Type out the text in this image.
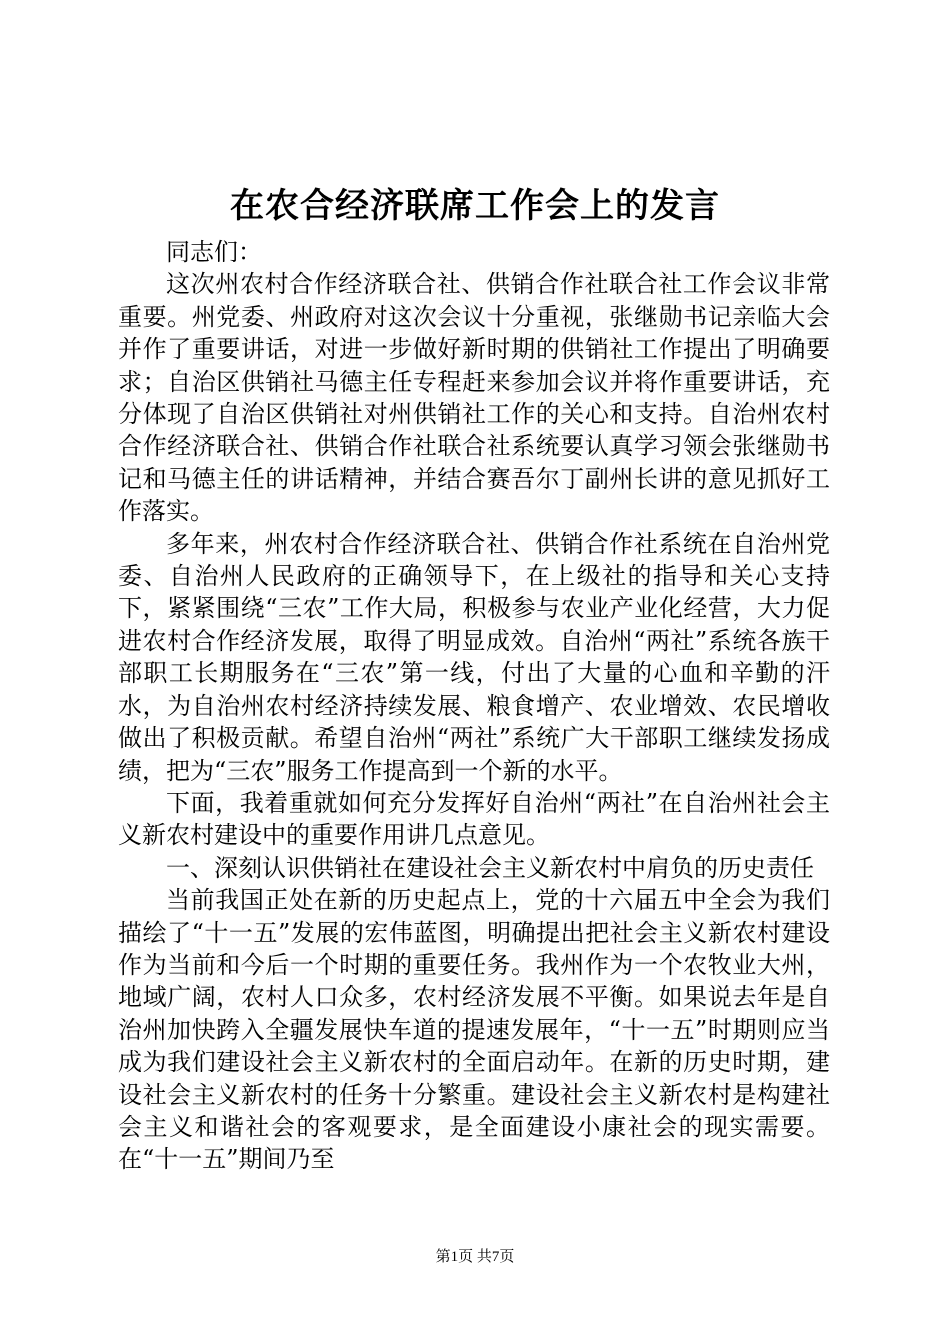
在农合经济联席工作会上的发言

同志们：

这次州农村合作经济联合社、供销合作社联合社工作会议非常重要。州党委、州政府对这次会议十分重视，张继勋书记亲临大会并作了重要讲话，对进一步做好新时期的供销社工作提出了明确要求；自治区供销社马德主任专程赶来参加会议并将作重要讲话，充分体现了自治区供销社对州供销社工作的关心和支持。自治州农村合作经济联合社、供销合作社联合社系统要认真学习领会张继勋书记和马德主任的讲话精神，并结合赛吾尔丁副州长讲的意见抓好工作落实。

多年来，州农村合作经济联合社、供销合作社系统在自治州党委、自治州人民政府的正确领导下，在上级社的指导和关心支持下，紧紧围绕“三农”工作大局，积极参与农业产业化经营，大力促进农村合作经济发展，取得了明显成效。自治州“两社”系统各族干部职工长期服务在“三农”第一线，付出了大量的心血和辛勤的汗水，为自治州农村经济持续发展、粮食增产、农业增效、农民增收做出了积极贡献。希望自治州“两社”系统广大干部职工继续发扬成绩，把为“三农”服务工作提高到一个新的水平。

下面，我着重就如何充分发挥好自治州“两社”在自治州社会主义新农村建设中的重要作用讲几点意见。

一、深刻认识供销社在建设社会主义新农村中肩负的历史责任

当前我国正处在新的历史起点上，党的十六届五中全会为我们描绘了“十一五”发展的宏伟蓝图，明确提出把社会主义新农村建设作为当前和今后一个时期的重要任务。我州作为一个农牧业大州，地域广阔，农村人口众多，农村经济发展不平衡。如果说去年是自治州加快跨入全疆发展快车道的提速发展年，“十一五”时期则应当成为我们建设社会主义新农村的全面启动年。在新的历史时期，建设社会主义新农村的任务十分繁重。建设社会主义新农村是构建社会主义和谐社会的客观要求，是全面建设小康社会的现实需要。在“十一五”期间乃至

第1页 共7页
